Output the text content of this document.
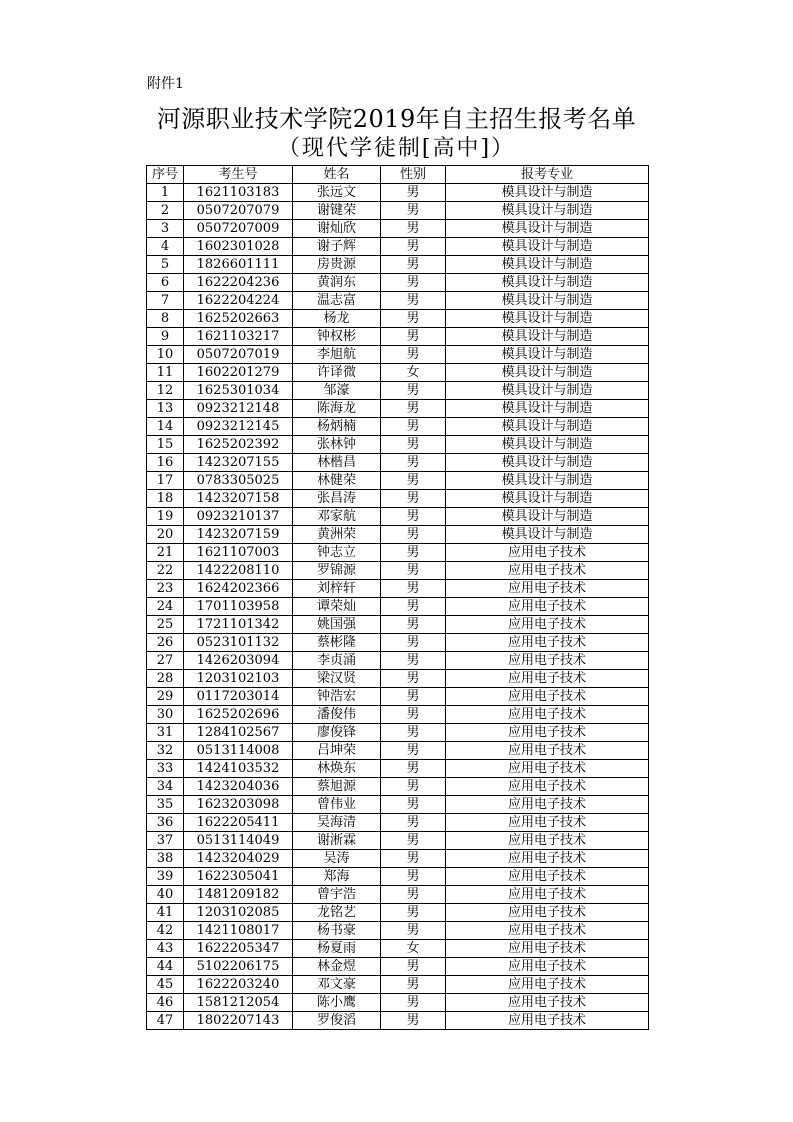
附件1
河源职业技术学院2019年自主招生报考名单
（现代学徒制[高中]）
序号	考生号	姓名	性别	报考专业
1	1621103183	张远文	男	模具设计与制造
2	0507207079	谢键荣	男	模具设计与制造
3	0507207009	谢灿欣	男	模具设计与制造
4	1602301028	谢子辉	男	模具设计与制造
5	1826601111	房贵源	男	模具设计与制造
6	1622204236	黄润东	男	模具设计与制造
7	1622204224	温志富	男	模具设计与制造
8	1625202663	杨龙	男	模具设计与制造
9	1621103217	钟权彬	男	模具设计与制造
10	0507207019	李旭航	男	模具设计与制造
11	1602201279	许译微	女	模具设计与制造
12	1625301034	邹濠	男	模具设计与制造
13	0923212148	陈海龙	男	模具设计与制造
14	0923212145	杨炳楠	男	模具设计与制造
15	1625202392	张林钟	男	模具设计与制造
16	1423207155	林楷昌	男	模具设计与制造
17	0783305025	林健荣	男	模具设计与制造
18	1423207158	张昌涛	男	模具设计与制造
19	0923210137	邓家航	男	模具设计与制造
20	1423207159	黄洲荣	男	模具设计与制造
21	1621107003	钟志立	男	应用电子技术
22	1422208110	罗锦源	男	应用电子技术
23	1624202366	刘梓轩	男	应用电子技术
24	1701103958	谭荣灿	男	应用电子技术
25	1721101342	姚国强	男	应用电子技术
26	0523101132	蔡彬隆	男	应用电子技术
27	1426203094	李贞涌	男	应用电子技术
28	1203102103	梁汉贤	男	应用电子技术
29	0117203014	钟浩宏	男	应用电子技术
30	1625202696	潘俊伟	男	应用电子技术
31	1284102567	廖俊锋	男	应用电子技术
32	0513114008	吕坤荣	男	应用电子技术
33	1424103532	林焕东	男	应用电子技术
34	1423204036	蔡旭源	男	应用电子技术
35	1623203098	曾伟业	男	应用电子技术
36	1622205411	吴海清	男	应用电子技术
37	0513114049	谢淅霖	男	应用电子技术
38	1423204029	吴涛	男	应用电子技术
39	1622305041	郑海	男	应用电子技术
40	1481209182	曾宇浩	男	应用电子技术
41	1203102085	龙铭艺	男	应用电子技术
42	1421108017	杨书豪	男	应用电子技术
43	1622205347	杨夏雨	女	应用电子技术
44	5102206175	林金煜	男	应用电子技术
45	1622203240	邓文豪	男	应用电子技术
46	1581212054	陈小鹰	男	应用电子技术
47	1802207143	罗俊滔	男	应用电子技术
